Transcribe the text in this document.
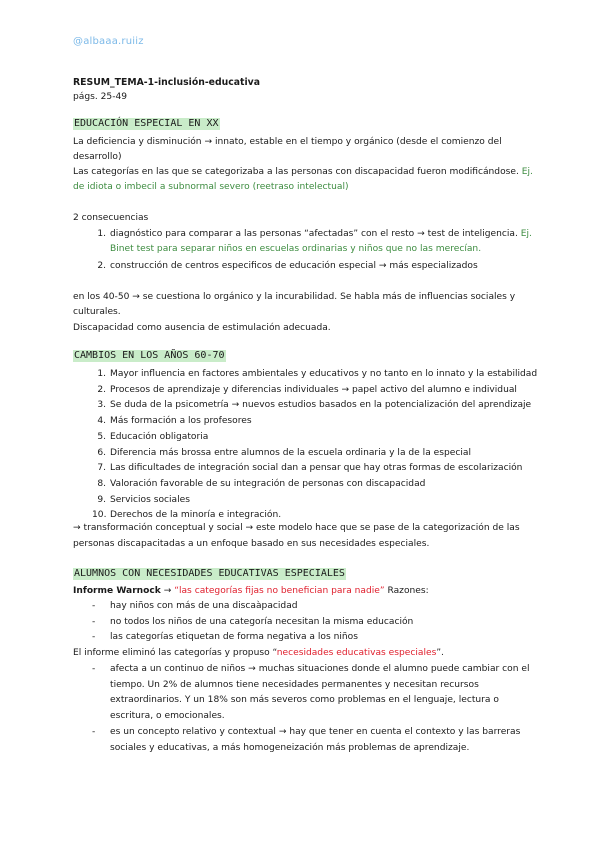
@albaaa.ruiiz
RESUM_TEMA-1-inclusión-educativa
págs. 25-49
EDUCACIÓN ESPECIAL EN XX
La deficiencia y disminución → innato, estable en el tiempo y orgánico (desde el comienzo del
desarrollo)
Las categorías en las que se categorizaba a las personas con discapacidad fueron modificándose. Ej.
de idiota o imbecil a subnormal severo (reetraso intelectual)
2 consecuencias
1. diagnóstico para comparar a las personas “afectadas” con el resto → test de inteligencia. Ej.
Binet test para separar niños en escuelas ordinarias y niños que no las merecían.
2. construcción de centros especificos de educación especial → más especializados
en los 40-50 → se cuestiona lo orgánico y la incurabilidad. Se habla más de influencias sociales y
culturales.
Discapacidad como ausencia de estimulación adecuada.
CAMBIOS EN LOS AÑOS 60-70
1. Mayor influencia en factores ambientales y educativos y no tanto en lo innato y la estabilidad
2. Procesos de aprendizaje y diferencias individuales → papel activo del alumno e individual
3. Se duda de la psicometría → nuevos estudios basados en la potencialización del aprendizaje
4. Más formación a los profesores
5. Educación obligatoria
6. Diferencia más brossa entre alumnos de la escuela ordinaria y la de la especial
7. Las dificultades de integración social dan a pensar que hay otras formas de escolarización
8. Valoración favorable de su integración de personas con discapacidad
9. Servicios sociales
10. Derechos de la minoría e integración.
→ transformación conceptual y social → este modelo hace que se pase de la categorización de las
personas discapacitadas a un enfoque basado en sus necesidades especiales.
ALUMNOS CON NECESIDADES EDUCATIVAS ESPECIALES
Informe Warnock → “las categorías fijas no benefician para nadie” Razones:
- hay niños con más de una discaàpacidad
- no todos los niños de una categoría necesitan la misma educación
- las categorías etiquetan de forma negativa a los niños
El informe eliminó las categorías y propuso “necesidades educativas especiales”.
- afecta a un continuo de niños → muchas situaciones donde el alumno puede cambiar con el
tiempo. Un 2% de alumnos tiene necesidades permanentes y necesitan recursos
extraordinarios. Y un 18% son más severos como problemas en el lenguaje, lectura o
escritura, o emocionales.
- es un concepto relativo y contextual → hay que tener en cuenta el contexto y las barreras
sociales y educativas, a más homogeneización más problemas de aprendizaje.
